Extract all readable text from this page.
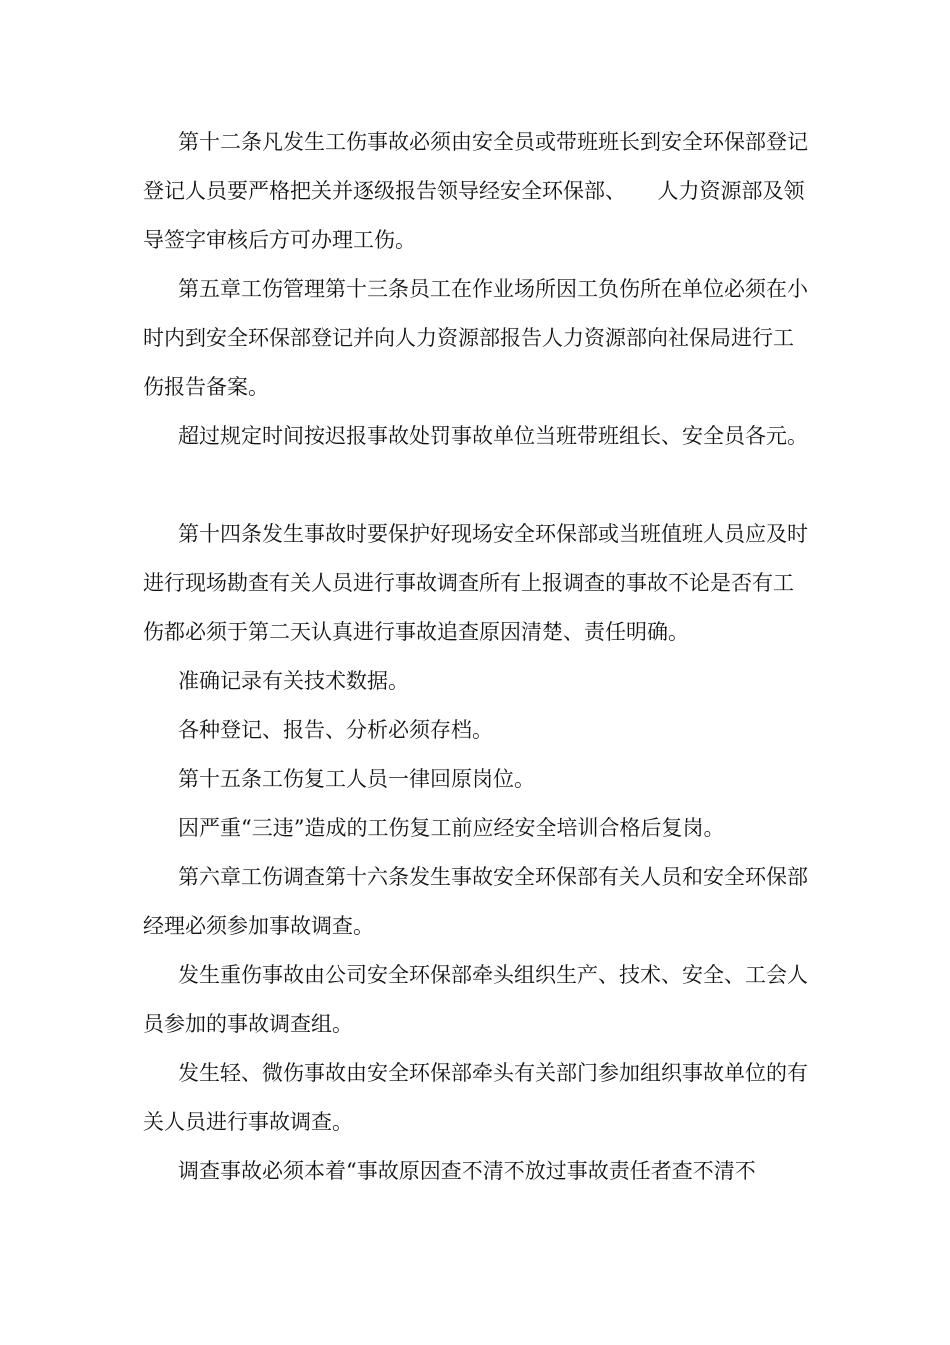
第十二条凡发生工伤事故必须由安全员或带班班长到安全环保部登记登记人员要严格把关并逐级报告领导经安全环保部、　　人力资源部及领导签字审核后方可办理工伤。

第五章工伤管理第十三条员工在作业场所因工负伤所在单位必须在小时内到安全环保部登记并向人力资源部报告人力资源部向社保局进行工伤报告备案。

超过规定时间按迟报事故处罚事故单位当班带班组长、安全员各元。

第十四条发生事故时要保护好现场安全环保部或当班值班人员应及时进行现场勘查有关人员进行事故调查所有上报调查的事故不论是否有工伤都必须于第二天认真进行事故追查原因清楚、责任明确。

准确记录有关技术数据。

各种登记、报告、分析必须存档。

第十五条工伤复工人员一律回原岗位。

因严重“三违”造成的工伤复工前应经安全培训合格后复岗。

第六章工伤调查第十六条发生事故安全环保部有关人员和安全环保部经理必须参加事故调查。

发生重伤事故由公司安全环保部牵头组织生产、技术、安全、工会人员参加的事故调查组。

发生轻、微伤事故由安全环保部牵头有关部门参加组织事故单位的有关人员进行事故调查。

调查事故必须本着“事故原因查不清不放过事故责任者查不清不
